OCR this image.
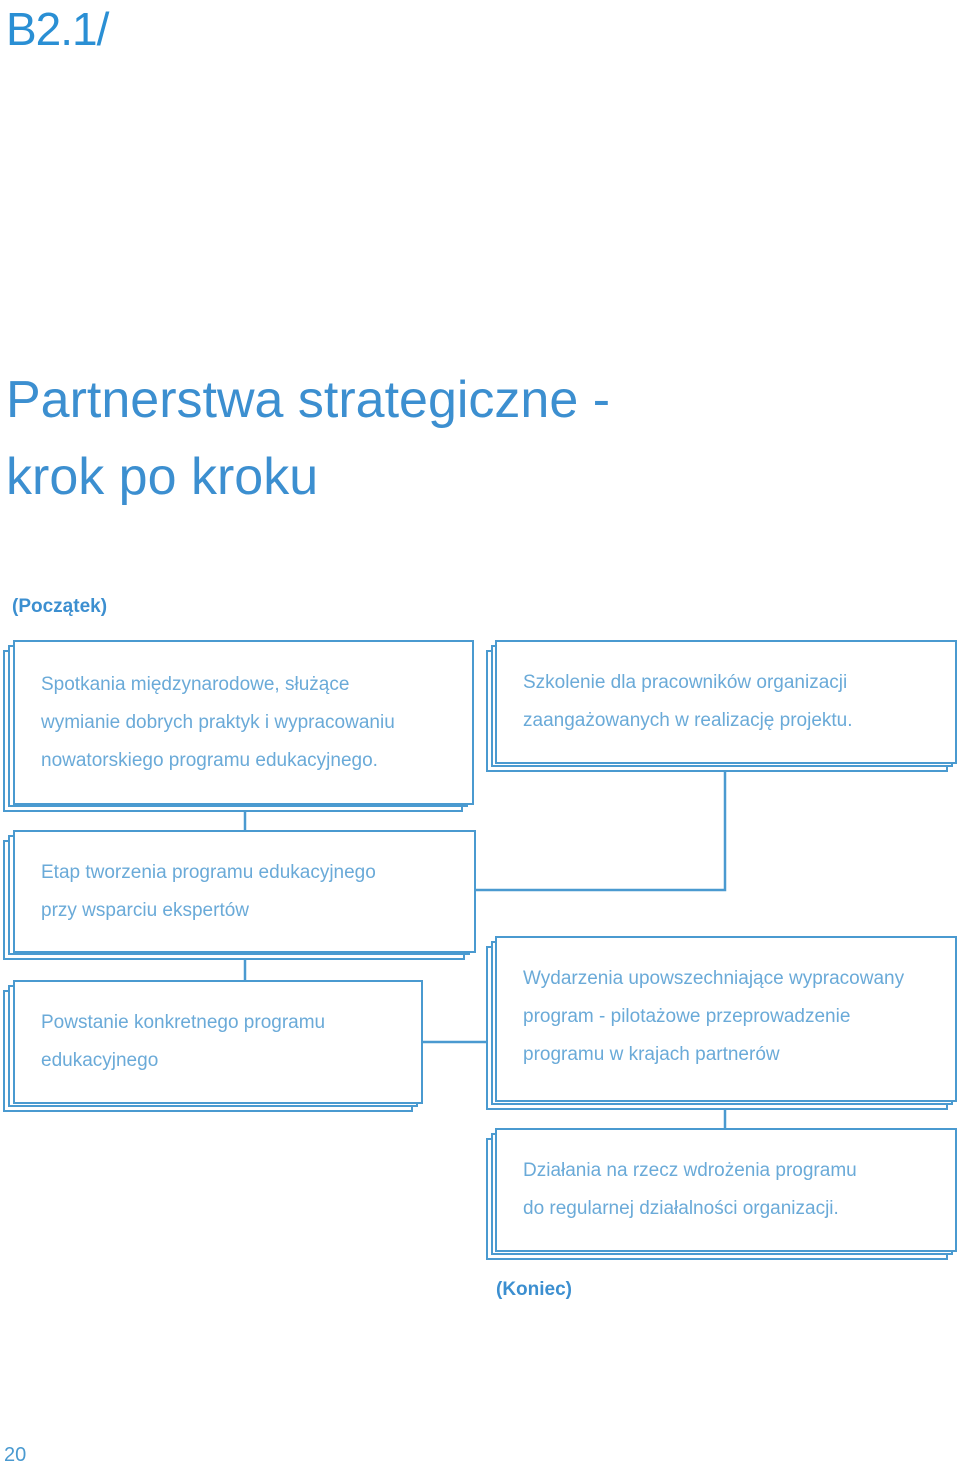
B2.1/
Partnerstwa strategiczne -
krok po kroku
(Początek)
Spotkania międzynarodowe, służące
wymianie dobrych praktyk i wypracowaniu
nowatorskiego programu edukacyjnego.
Szkolenie dla pracowników organizacji
zaangażowanych w realizację projektu.
Etap tworzenia programu edukacyjnego
przy wsparciu ekspertów
Powstanie konkretnego programu
edukacyjnego
Wydarzenia upowszechniające wypracowany
program - pilotażowe przeprowadzenie
programu w krajach partnerów
Działania na rzecz wdrożenia programu
do regularnej działalności organizacji.
(Koniec)
20
